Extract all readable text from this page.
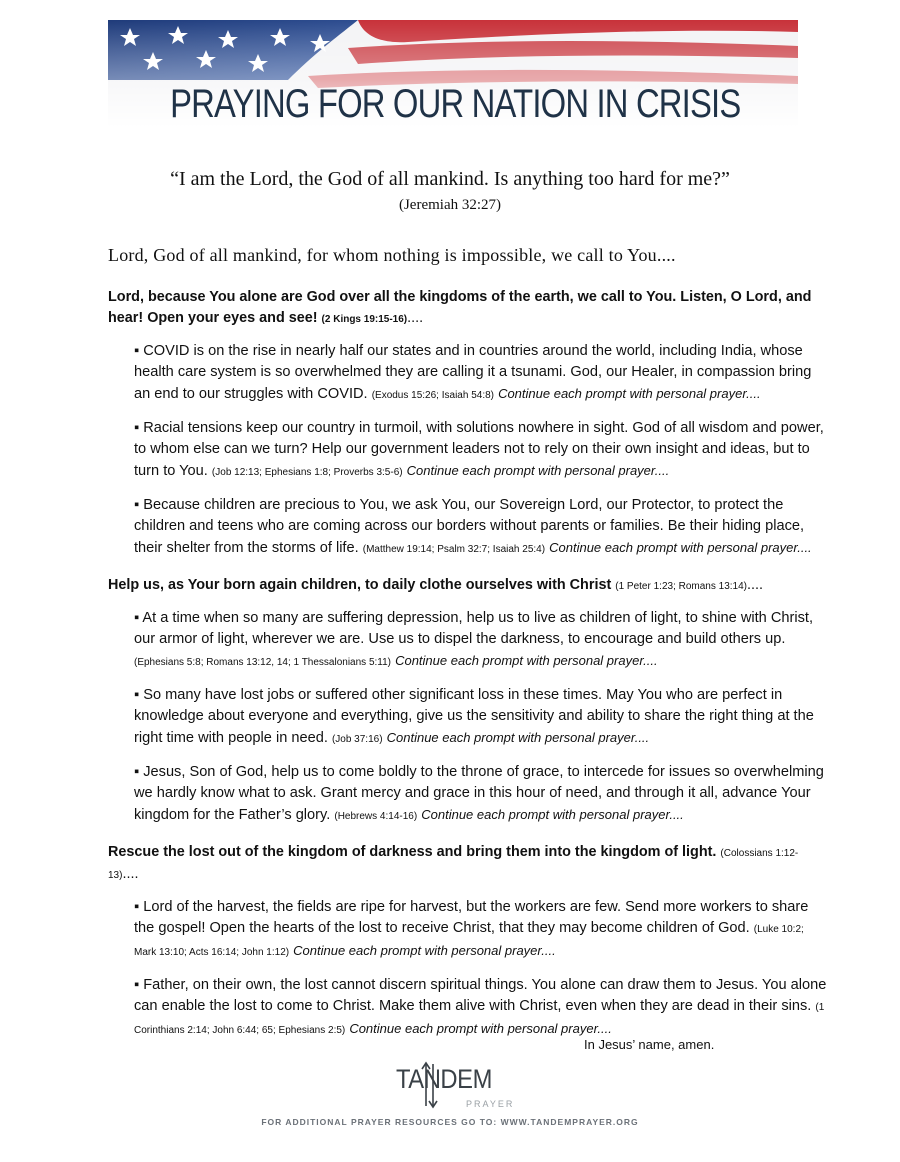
PRAYING FOR OUR NATION IN CRISIS
“I am the Lord, the God of all mankind. Is anything too hard for me?”
(Jeremiah 32:27)
Lord, God of all mankind, for whom nothing is impossible, we call to You....

Lord, because You alone are God over all the kingdoms of the earth, we call to You. Listen, O Lord, and hear! Open your eyes and see! (2 Kings 19:15-16)....

▪ COVID is on the rise in nearly half our states and in countries around the world, including India, whose health care system is so overwhelmed they are calling it a tsunami. God, our Healer, in compassion bring an end to our struggles with COVID. (Exodus 15:26; Isaiah 54:8) Continue each prompt with personal prayer....

▪ Racial tensions keep our country in turmoil, with solutions nowhere in sight. God of all wisdom and power, to whom else can we turn? Help our government leaders not to rely on their own insight and ideas, but to turn to You. (Job 12:13; Ephesians 1:8; Proverbs 3:5-6) Continue each prompt with personal prayer....

▪ Because children are precious to You, we ask You, our Sovereign Lord, our Protector, to protect the children and teens who are coming across our borders without parents or families. Be their hiding place, their shelter from the storms of life. (Matthew 19:14; Psalm 32:7; Isaiah 25:4) Continue each prompt with personal prayer....

Help us, as Your born again children, to daily clothe ourselves with Christ (1 Peter 1:23; Romans 13:14)....

▪ At a time when so many are suffering depression, help us to live as children of light, to shine with Christ, our armor of light, wherever we are. Use us to dispel the darkness, to encourage and build others up. (Ephesians 5:8; Romans 13:12, 14; 1 Thessalonians 5:11) Continue each prompt with personal prayer....

▪ So many have lost jobs or suffered other significant loss in these times. May You who are perfect in knowledge about everyone and everything, give us the sensitivity and ability to share the right thing at the right time with people in need. (Job 37:16) Continue each prompt with personal prayer....

▪ Jesus, Son of God, help us to come boldly to the throne of grace, to intercede for issues so overwhelming we hardly know what to ask. Grant mercy and grace in this hour of need, and through it all, advance Your kingdom for the Father’s glory. (Hebrews 4:14-16) Continue each prompt with personal prayer....

Rescue the lost out of the kingdom of darkness and bring them into the kingdom of light. (Colossians 1:12-13)....

▪ Lord of the harvest, the fields are ripe for harvest, but the workers are few. Send more workers to share the gospel! Open the hearts of the lost to receive Christ, that they may become children of God. (Luke 10:2; Mark 13:10; Acts 16:14; John 1:12) Continue each prompt with personal prayer....

▪ Father, on their own, the lost cannot discern spiritual things. You alone can draw them to Jesus. You alone can enable the lost to come to Christ. Make them alive with Christ, even when they are dead in their sins. (1 Corinthians 2:14; John 6:44; 65; Ephesians 2:5) Continue each prompt with personal prayer....

In Jesus’ name, amen.
TANDEM
PRAYER
FOR ADDITIONAL PRAYER RESOURCES GO TO: WWW.TANDEMPRAYER.ORG
